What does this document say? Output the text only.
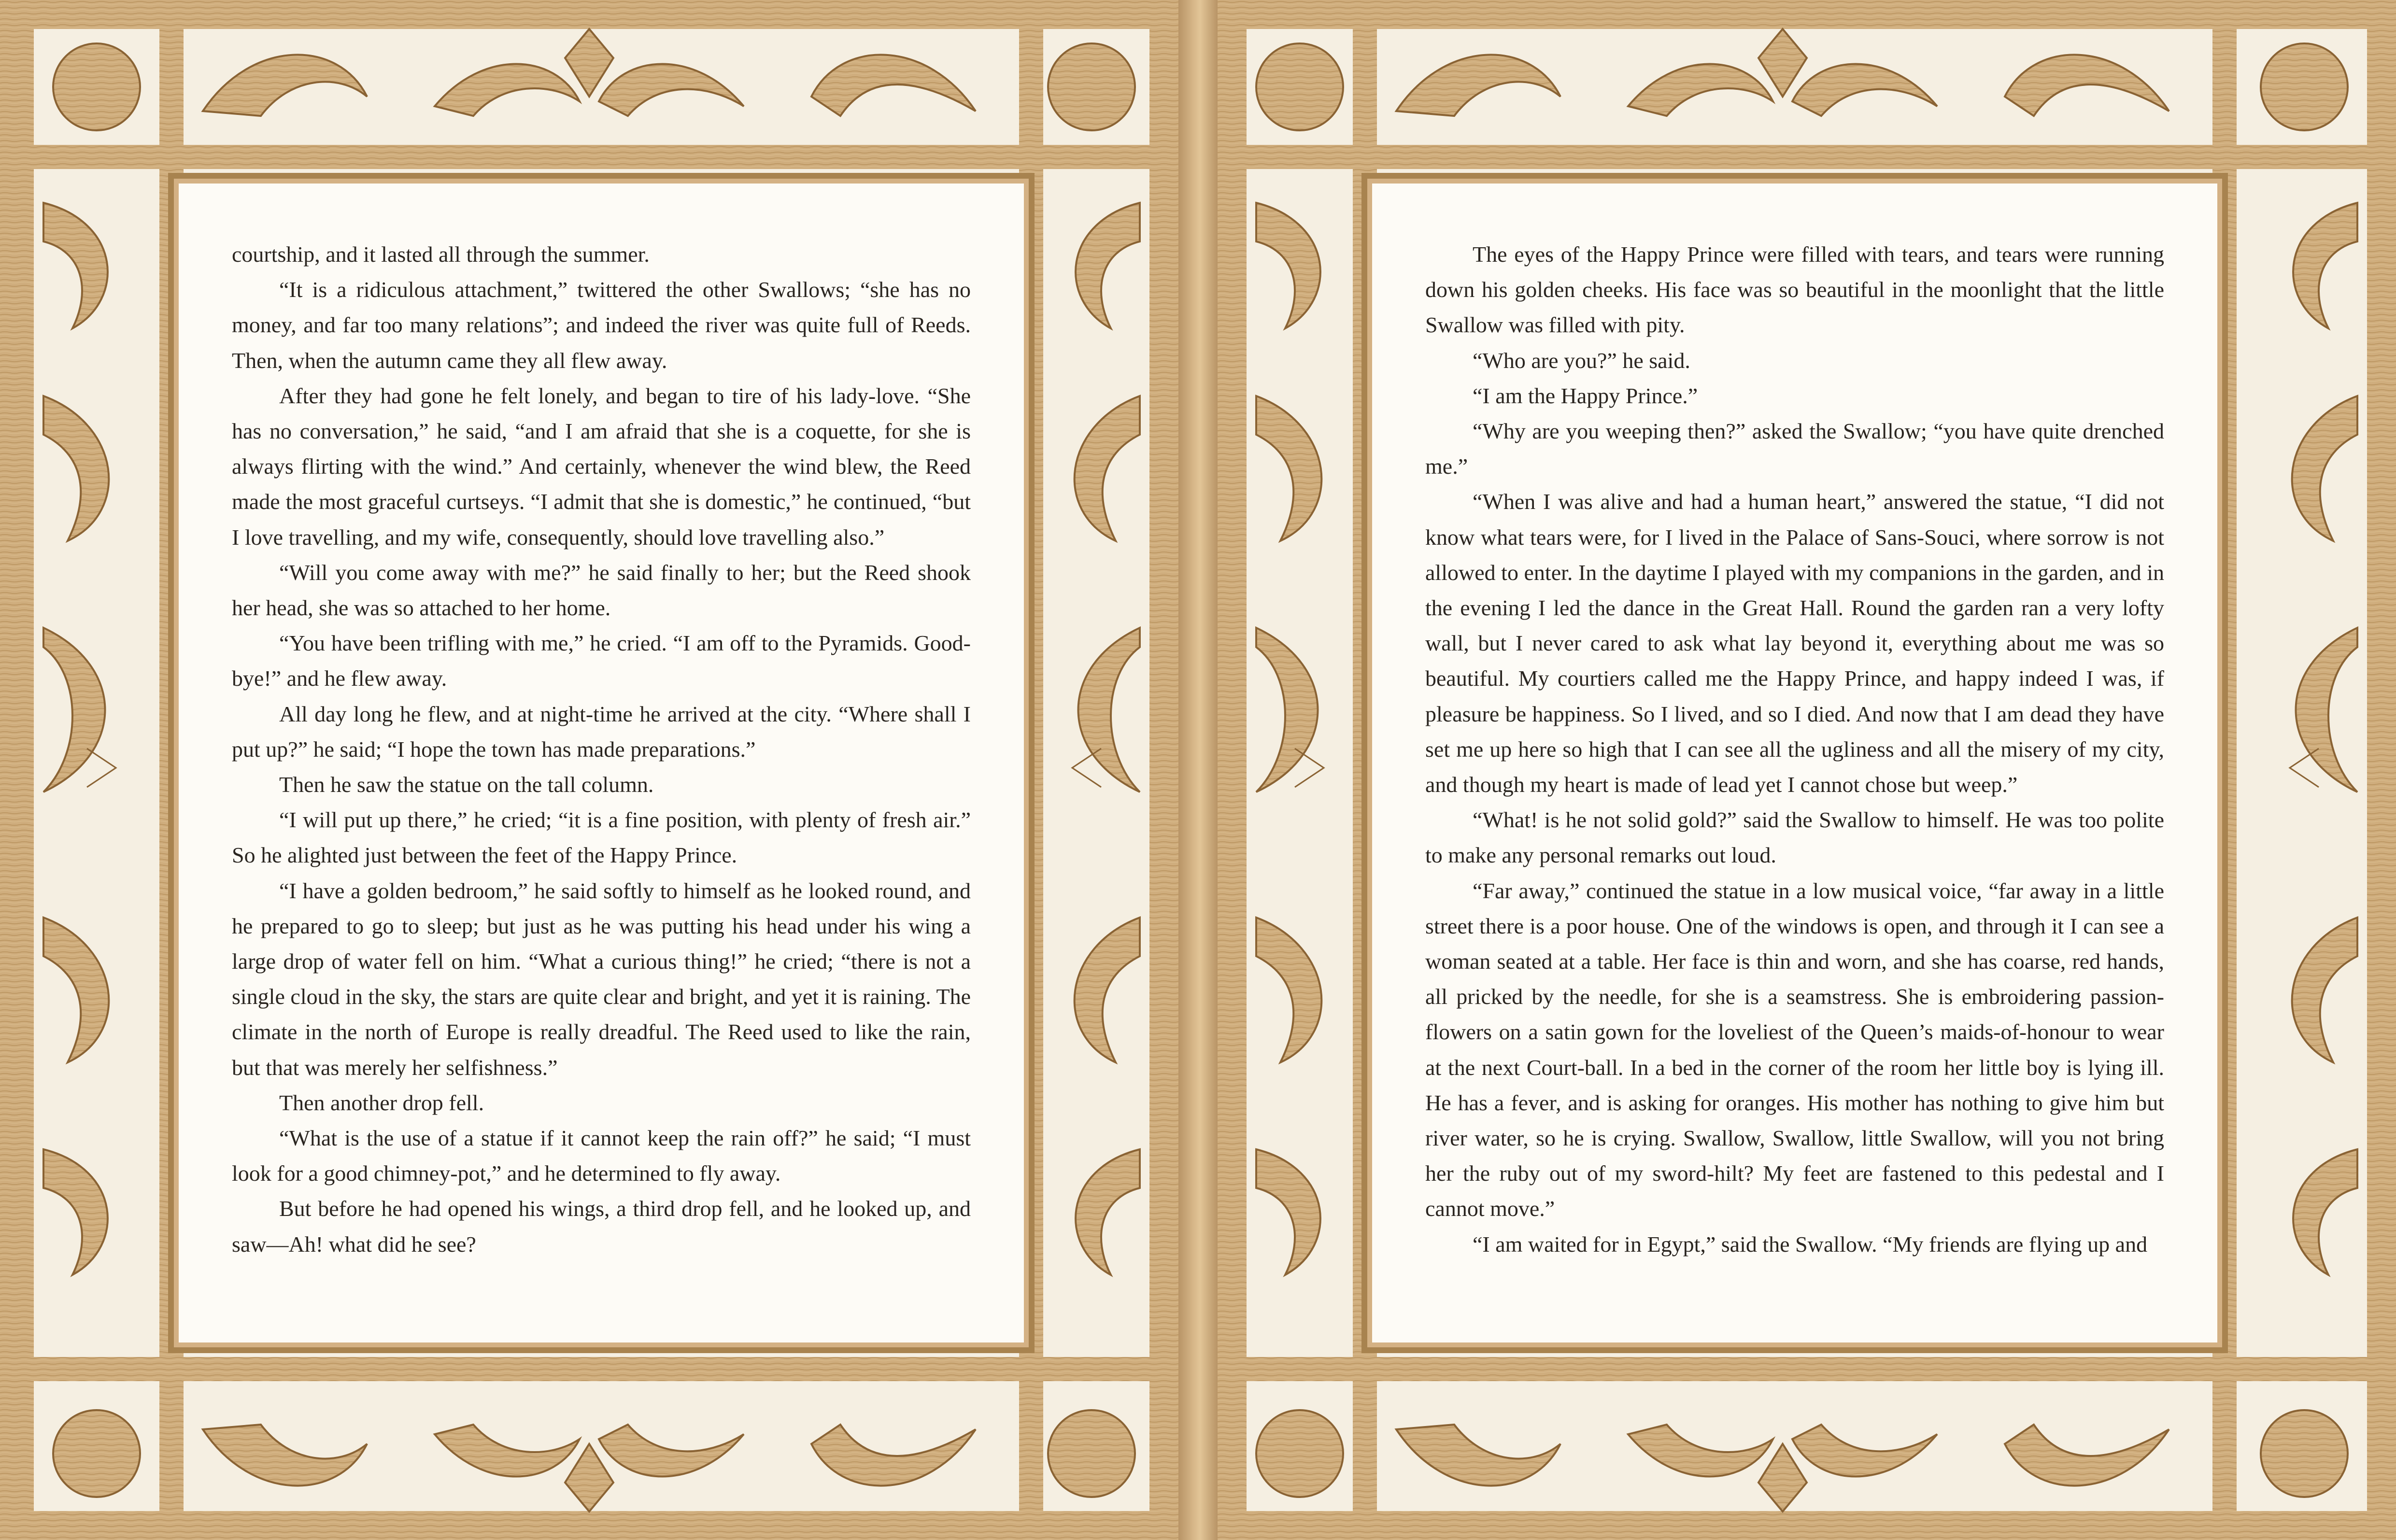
courtship, and it lasted all through the summer.

“It is a ridiculous attachment,” twittered the other Swallows; “she has no money, and far too many relations”; and indeed the river was quite full of Reeds. Then, when the autumn came they all flew away.

After they had gone he felt lonely, and began to tire of his lady-love. “She has no conversation,” he said, “and I am afraid that she is a coquette, for she is always flirting with the wind.” And certainly, whenever the wind blew, the Reed made the most graceful curtseys. “I admit that she is domestic,” he continued, “but I love travelling, and my wife, consequently, should love travelling also.”

“Will you come away with me?” he said finally to her; but the Reed shook her head, she was so attached to her home.

“You have been trifling with me,” he cried. “I am off to the Pyramids. Good-bye!” and he flew away.

All day long he flew, and at night-time he arrived at the city. “Where shall I put up?” he said; “I hope the town has made preparations.”

Then he saw the statue on the tall column.

“I will put up there,” he cried; “it is a fine position, with plenty of fresh air.” So he alighted just between the feet of the Happy Prince.

“I have a golden bedroom,” he said softly to himself as he looked round, and he prepared to go to sleep; but just as he was putting his head under his wing a large drop of water fell on him. “What a curious thing!” he cried; “there is not a single cloud in the sky, the stars are quite clear and bright, and yet it is raining. The climate in the north of Europe is really dreadful. The Reed used to like the rain, but that was merely her selfishness.”

Then another drop fell.

“What is the use of a statue if it cannot keep the rain off?” he said; “I must look for a good chimney-pot,” and he determined to fly away.

But before he had opened his wings, a third drop fell, and he looked up, and saw—Ah! what did he see?

The eyes of the Happy Prince were filled with tears, and tears were running down his golden cheeks. His face was so beautiful in the moonlight that the little Swallow was filled with pity.

“Who are you?” he said.

“I am the Happy Prince.”

“Why are you weeping then?” asked the Swallow; “you have quite drenched me.”

“When I was alive and had a human heart,” answered the statue, “I did not know what tears were, for I lived in the Palace of Sans-Souci, where sorrow is not allowed to enter. In the daytime I played with my companions in the garden, and in the evening I led the dance in the Great Hall. Round the garden ran a very lofty wall, but I never cared to ask what lay beyond it, everything about me was so beautiful. My courtiers called me the Happy Prince, and happy indeed I was, if pleasure be happiness. So I lived, and so I died. And now that I am dead they have set me up here so high that I can see all the ugliness and all the misery of my city, and though my heart is made of lead yet I cannot chose but weep.”

“What! is he not solid gold?” said the Swallow to himself. He was too polite to make any personal remarks out loud.

“Far away,” continued the statue in a low musical voice, “far away in a little street there is a poor house. One of the windows is open, and through it I can see a woman seated at a table. Her face is thin and worn, and she has coarse, red hands, all pricked by the needle, for she is a seamstress. She is embroidering passion-flowers on a satin gown for the loveliest of the Queen’s maids-of-honour to wear at the next Court-ball. In a bed in the corner of the room her little boy is lying ill. He has a fever, and is asking for oranges. His mother has nothing to give him but river water, so he is crying. Swallow, Swallow, little Swallow, will you not bring her the ruby out of my sword-hilt? My feet are fastened to this pedestal and I cannot move.”

“I am waited for in Egypt,” said the Swallow. “My friends are flying up and
